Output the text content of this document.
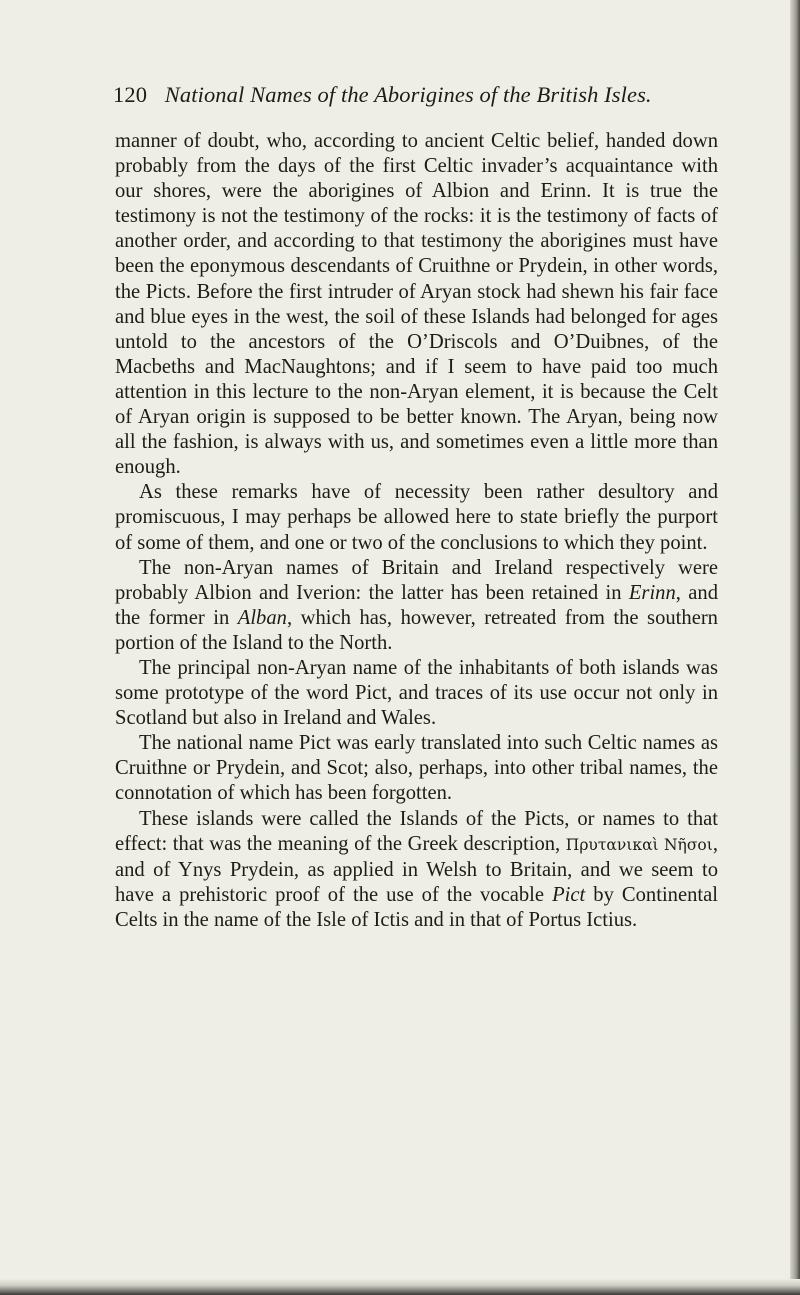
120 National Names of the Aborigines of the British Isles.

manner of doubt, who, according to ancient Celtic belief, handed down probably from the days of the first Celtic invader’s acquaintance with our shores, were the aborigines of Albion and Erinn. It is true the testimony is not the testimony of the rocks: it is the testimony of facts of another order, and according to that testimony the aborigines must have been the eponymous descendants of Cruithne or Prydein, in other words, the Picts. Before the first intruder of Aryan stock had shewn his fair face and blue eyes in the west, the soil of these Islands had belonged for ages untold to the ancestors of the O’Driscols and O’Duibnes, of the Macbeths and MacNaughtons; and if I seem to have paid too much attention in this lecture to the non-Aryan element, it is because the Celt of Aryan origin is supposed to be better known. The Aryan, being now all the fashion, is always with us, and sometimes even a little more than enough.

As these remarks have of necessity been rather desultory and promiscuous, I may perhaps be allowed here to state briefly the purport of some of them, and one or two of the conclusions to which they point.

The non-Aryan names of Britain and Ireland respectively were probably Albion and Iverion: the latter has been retained in Erinn, and the former in Alban, which has, however, retreated from the southern portion of the Island to the North.

The principal non-Aryan name of the inhabitants of both islands was some prototype of the word Pict, and traces of its use occur not only in Scotland but also in Ireland and Wales.

The national name Pict was early translated into such Celtic names as Cruithne or Prydein, and Scot; also, perhaps, into other tribal names, the connotation of which has been forgotten.

These islands were called the Islands of the Picts, or names to that effect: that was the meaning of the Greek description, Πρυτανικαὶ Νῆσοι, and of Ynys Prydein, as applied in Welsh to Britain, and we seem to have a prehistoric proof of the use of the vocable Pict by Continental Celts in the name of the Isle of Ictis and in that of Portus Ictius.
